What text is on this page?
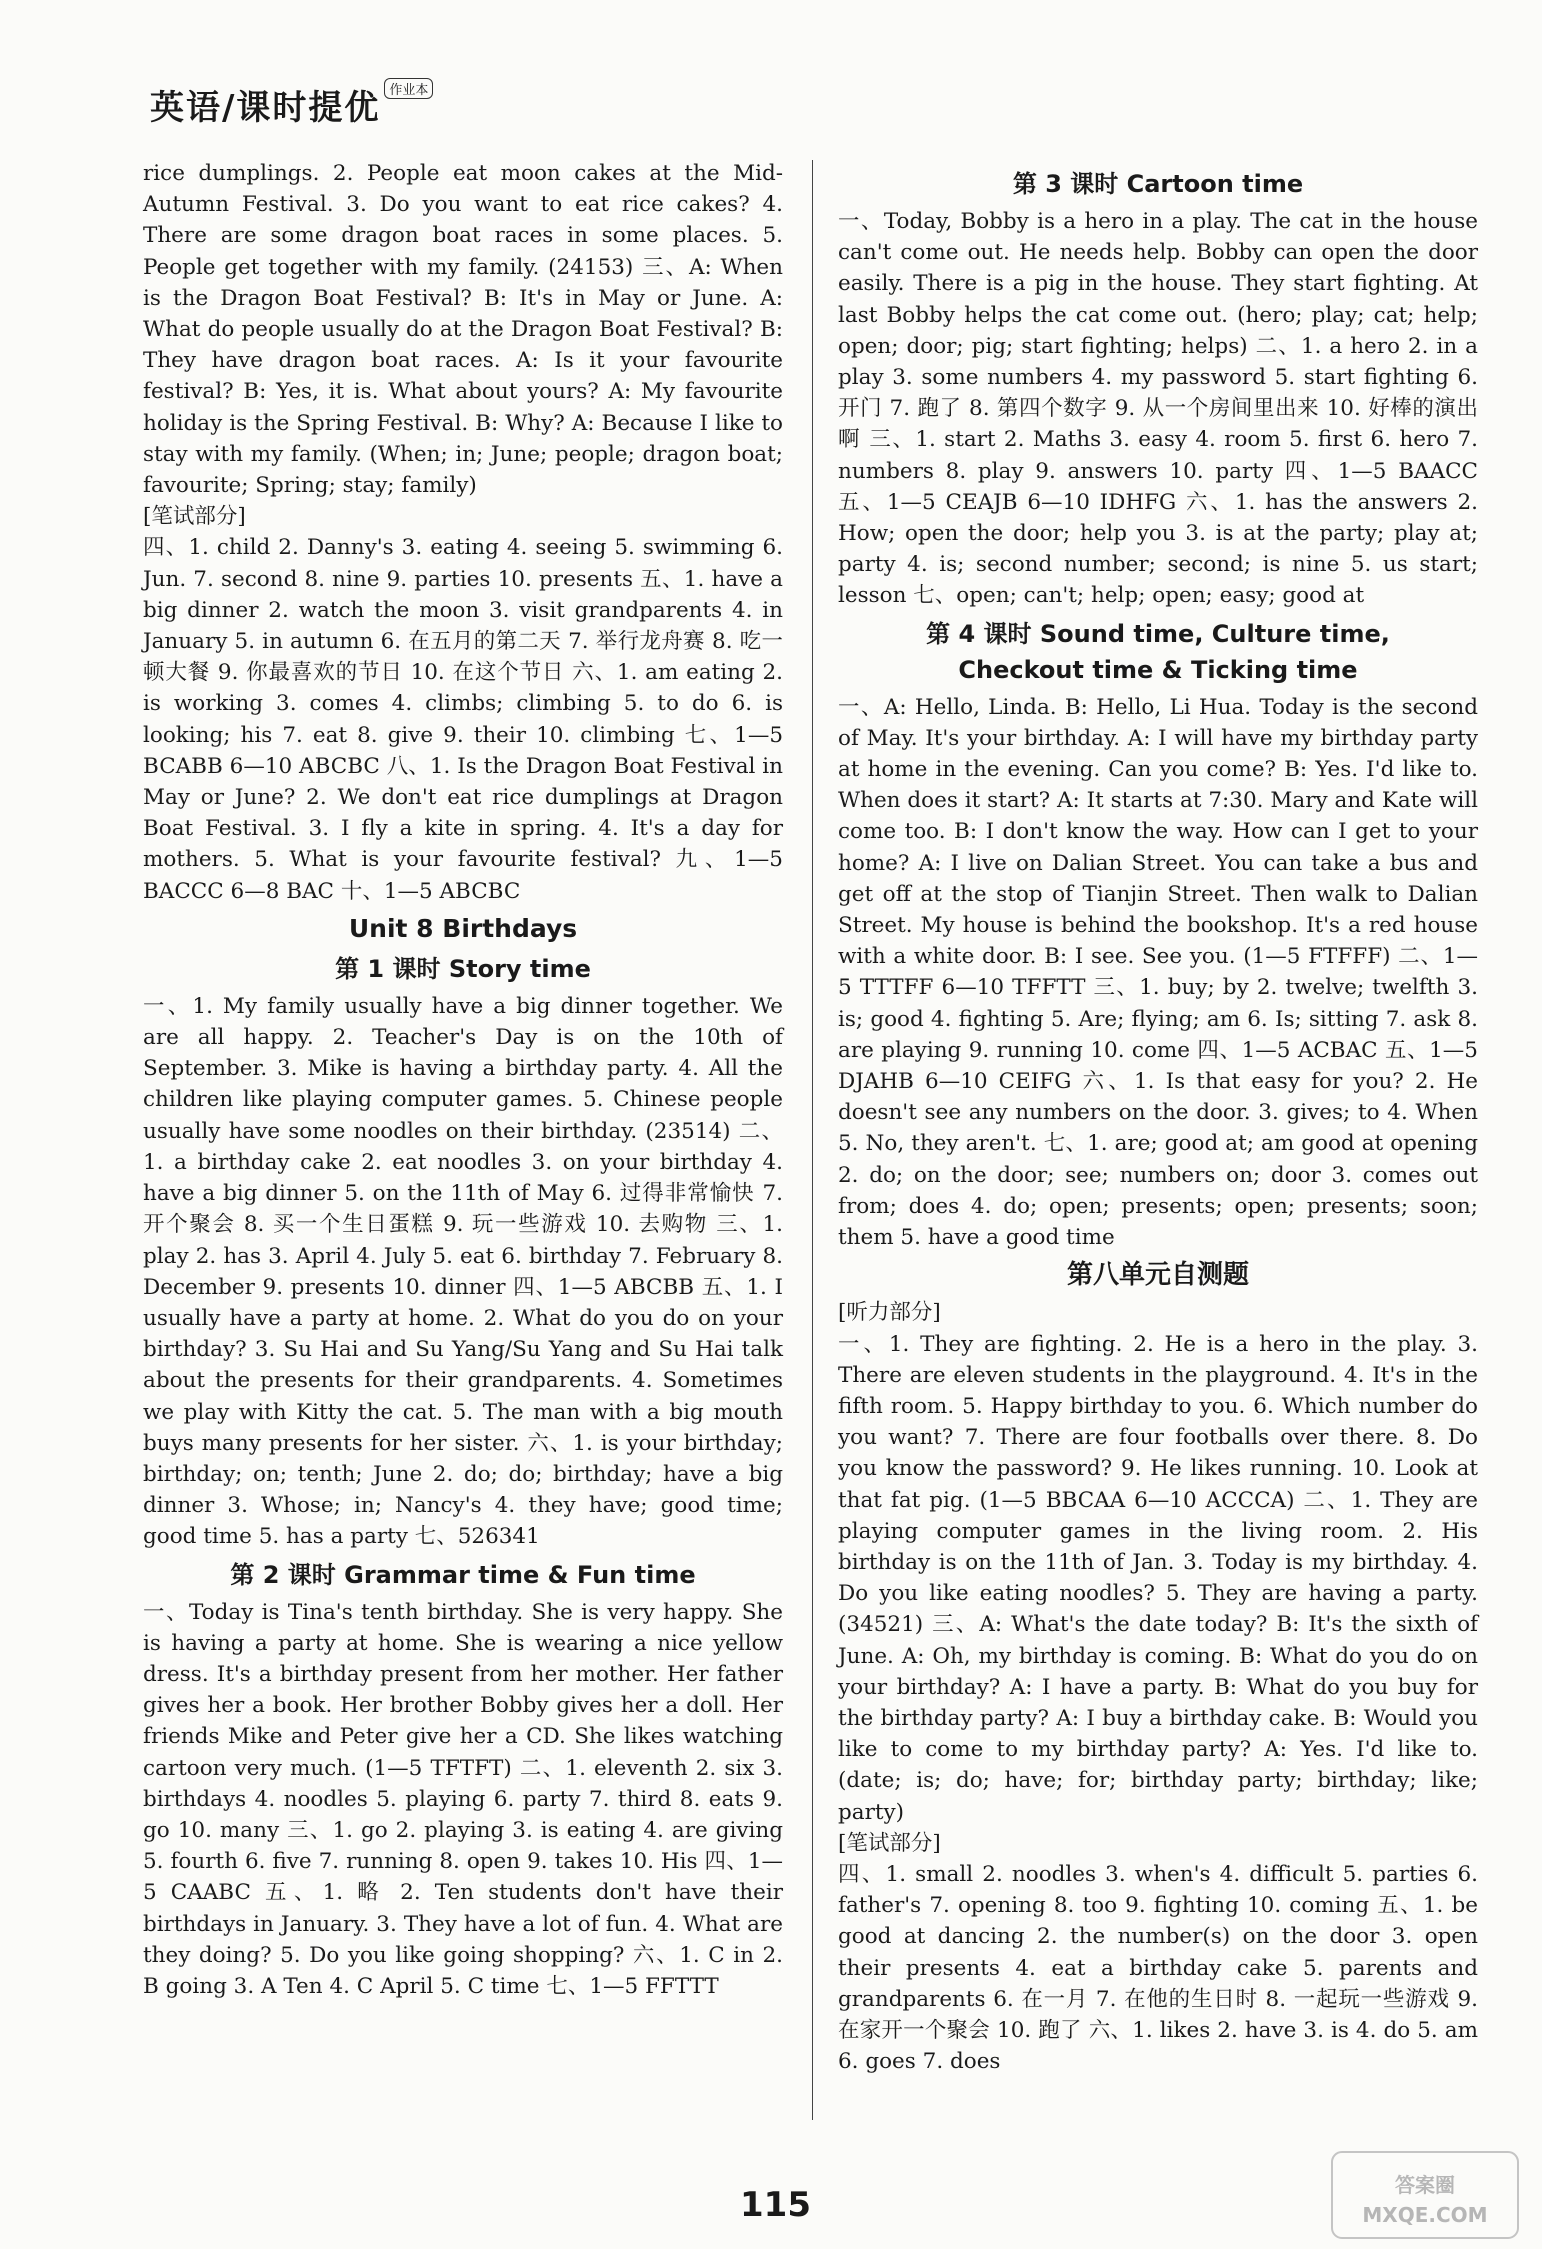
英语/课时提优 作业本

rice dumplings. 2. People eat moon cakes at the Mid-Autumn Festival. 3. Do you want to eat rice cakes? 4. There are some dragon boat races in some places. 5. People get together with my family. (24153) 三、A: When is the Dragon Boat Festival? B: It's in May or June. A: What do people usually do at the Dragon Boat Festival? B: They have dragon boat races. A: Is it your favourite festival? B: Yes, it is. What about yours? A: My favourite holiday is the Spring Festival. B: Why? A: Because I like to stay with my family. (When; in; June; people; dragon boat; favourite; Spring; stay; family)

[笔试部分]

四、1. child 2. Danny's 3. eating 4. seeing 5. swimming 6. Jun. 7. second 8. nine 9. parties 10. presents 五、1. have a big dinner 2. watch the moon 3. visit grandparents 4. in January 5. in autumn 6. 在五月的第二天 7. 举行龙舟赛 8. 吃一顿大餐 9. 你最喜欢的节日 10. 在这个节日 六、1. am eating 2. is working 3. comes 4. climbs; climbing 5. to do 6. is looking; his 7. eat 8. give 9. their 10. climbing 七、1—5 BCABB 6—10 ABCBC 八、1. Is the Dragon Boat Festival in May or June? 2. We don't eat rice dumplings at Dragon Boat Festival. 3. I fly a kite in spring. 4. It's a day for mothers. 5. What is your favourite festival? 九、1—5 BACCC 6—8 BAC 十、1—5 ABCBC

Unit 8 Birthdays
第 1 课时 Story time

一、1. My family usually have a big dinner together. We are all happy. 2. Teacher's Day is on the 10th of September. 3. Mike is having a birthday party. 4. All the children like playing computer games. 5. Chinese people usually have some noodles on their birthday. (23514) 二、1. a birthday cake 2. eat noodles 3. on your birthday 4. have a big dinner 5. on the 11th of May 6. 过得非常愉快 7. 开个聚会 8. 买一个生日蛋糕 9. 玩一些游戏 10. 去购物 三、1. play 2. has 3. April 4. July 5. eat 6. birthday 7. February 8. December 9. presents 10. dinner 四、1—5 ABCBB 五、1. I usually have a party at home. 2. What do you do on your birthday? 3. Su Hai and Su Yang/Su Yang and Su Hai talk about the presents for their grandparents. 4. Sometimes we play with Kitty the cat. 5. The man with a big mouth buys many presents for her sister. 六、1. is your birthday; birthday; on; tenth; June 2. do; do; birthday; have a big dinner 3. Whose; in; Nancy's 4. they have; good time; good time 5. has a party 七、526341

第 2 课时 Grammar time & Fun time

一、Today is Tina's tenth birthday. She is very happy. She is having a party at home. She is wearing a nice yellow dress. It's a birthday present from her mother. Her father gives her a book. Her brother Bobby gives her a doll. Her friends Mike and Peter give her a CD. She likes watching cartoon very much. (1—5 TFTFT) 二、1. eleventh 2. six 3. birthdays 4. noodles 5. playing 6. party 7. third 8. eats 9. go 10. many 三、1. go 2. playing 3. is eating 4. are giving 5. fourth 6. five 7. running 8. open 9. takes 10. His 四、1—5 CAABC 五、1. 略 2. Ten students don't have their birthdays in January. 3. They have a lot of fun. 4. What are they doing? 5. Do you like going shopping? 六、1. C in 2. B going 3. A Ten 4. C April 5. C time 七、1—5 FFTTT

第 3 课时 Cartoon time

一、Today, Bobby is a hero in a play. The cat in the house can't come out. He needs help. Bobby can open the door easily. There is a pig in the house. They start fighting. At last Bobby helps the cat come out. (hero; play; cat; help; open; door; pig; start fighting; helps) 二、1. a hero 2. in a play 3. some numbers 4. my password 5. start fighting 6. 开门 7. 跑了 8. 第四个数字 9. 从一个房间里出来 10. 好棒的演出啊 三、1. start 2. Maths 3. easy 4. room 5. first 6. hero 7. numbers 8. play 9. answers 10. party 四、1—5 BAACC 五、1—5 CEAJB 6—10 IDHFG 六、1. has the answers 2. How; open the door; help you 3. is at the party; play at; party 4. is; second number; second; is nine 5. us start; lesson 七、open; can't; help; open; easy; good at

第 4 课时 Sound time, Culture time,
Checkout time & Ticking time

一、A: Hello, Linda. B: Hello, Li Hua. Today is the second of May. It's your birthday. A: I will have my birthday party at home in the evening. Can you come? B: Yes. I'd like to. When does it start? A: It starts at 7:30. Mary and Kate will come too. B: I don't know the way. How can I get to your home? A: I live on Dalian Street. You can take a bus and get off at the stop of Tianjin Street. Then walk to Dalian Street. My house is behind the bookshop. It's a red house with a white door. B: I see. See you. (1—5 FTFFF) 二、1—5 TTTFF 6—10 TFFTT 三、1. buy; by 2. twelve; twelfth 3. is; good 4. fighting 5. Are; flying; am 6. Is; sitting 7. ask 8. are playing 9. running 10. come 四、1—5 ACBAC 五、1—5 DJAHB 6—10 CEIFG 六、1. Is that easy for you? 2. He doesn't see any numbers on the door. 3. gives; to 4. When 5. No, they aren't. 七、1. are; good at; am good at opening 2. do; on the door; see; numbers on; door 3. comes out from; does 4. do; open; presents; open; presents; soon; them 5. have a good time

第八单元自测题

[听力部分]

一、1. They are fighting. 2. He is a hero in the play. 3. There are eleven students in the playground. 4. It's in the fifth room. 5. Happy birthday to you. 6. Which number do you want? 7. There are four footballs over there. 8. Do you know the password? 9. He likes running. 10. Look at that fat pig. (1—5 BBCAA 6—10 ACCCA) 二、1. They are playing computer games in the living room. 2. His birthday is on the 11th of Jan. 3. Today is my birthday. 4. Do you like eating noodles? 5. They are having a party. (34521) 三、A: What's the date today? B: It's the sixth of June. A: Oh, my birthday is coming. B: What do you do on your birthday? A: I have a party. B: What do you buy for the birthday party? A: I buy a birthday cake. B: Would you like to come to my birthday party? A: Yes. I'd like to. (date; is; do; have; for; birthday party; birthday; like; party)

[笔试部分]

四、1. small 2. noodles 3. when's 4. difficult 5. parties 6. father's 7. opening 8. too 9. fighting 10. coming 五、1. be good at dancing 2. the number(s) on the door 3. open their presents 4. eat a birthday cake 5. parents and grandparents 6. 在一月 7. 在他的生日时 8. 一起玩一些游戏 9. 在家开一个聚会 10. 跑了 六、1. likes 2. have 3. is 4. do 5. am 6. goes 7. does

115	答案圈
MXQE.COM
